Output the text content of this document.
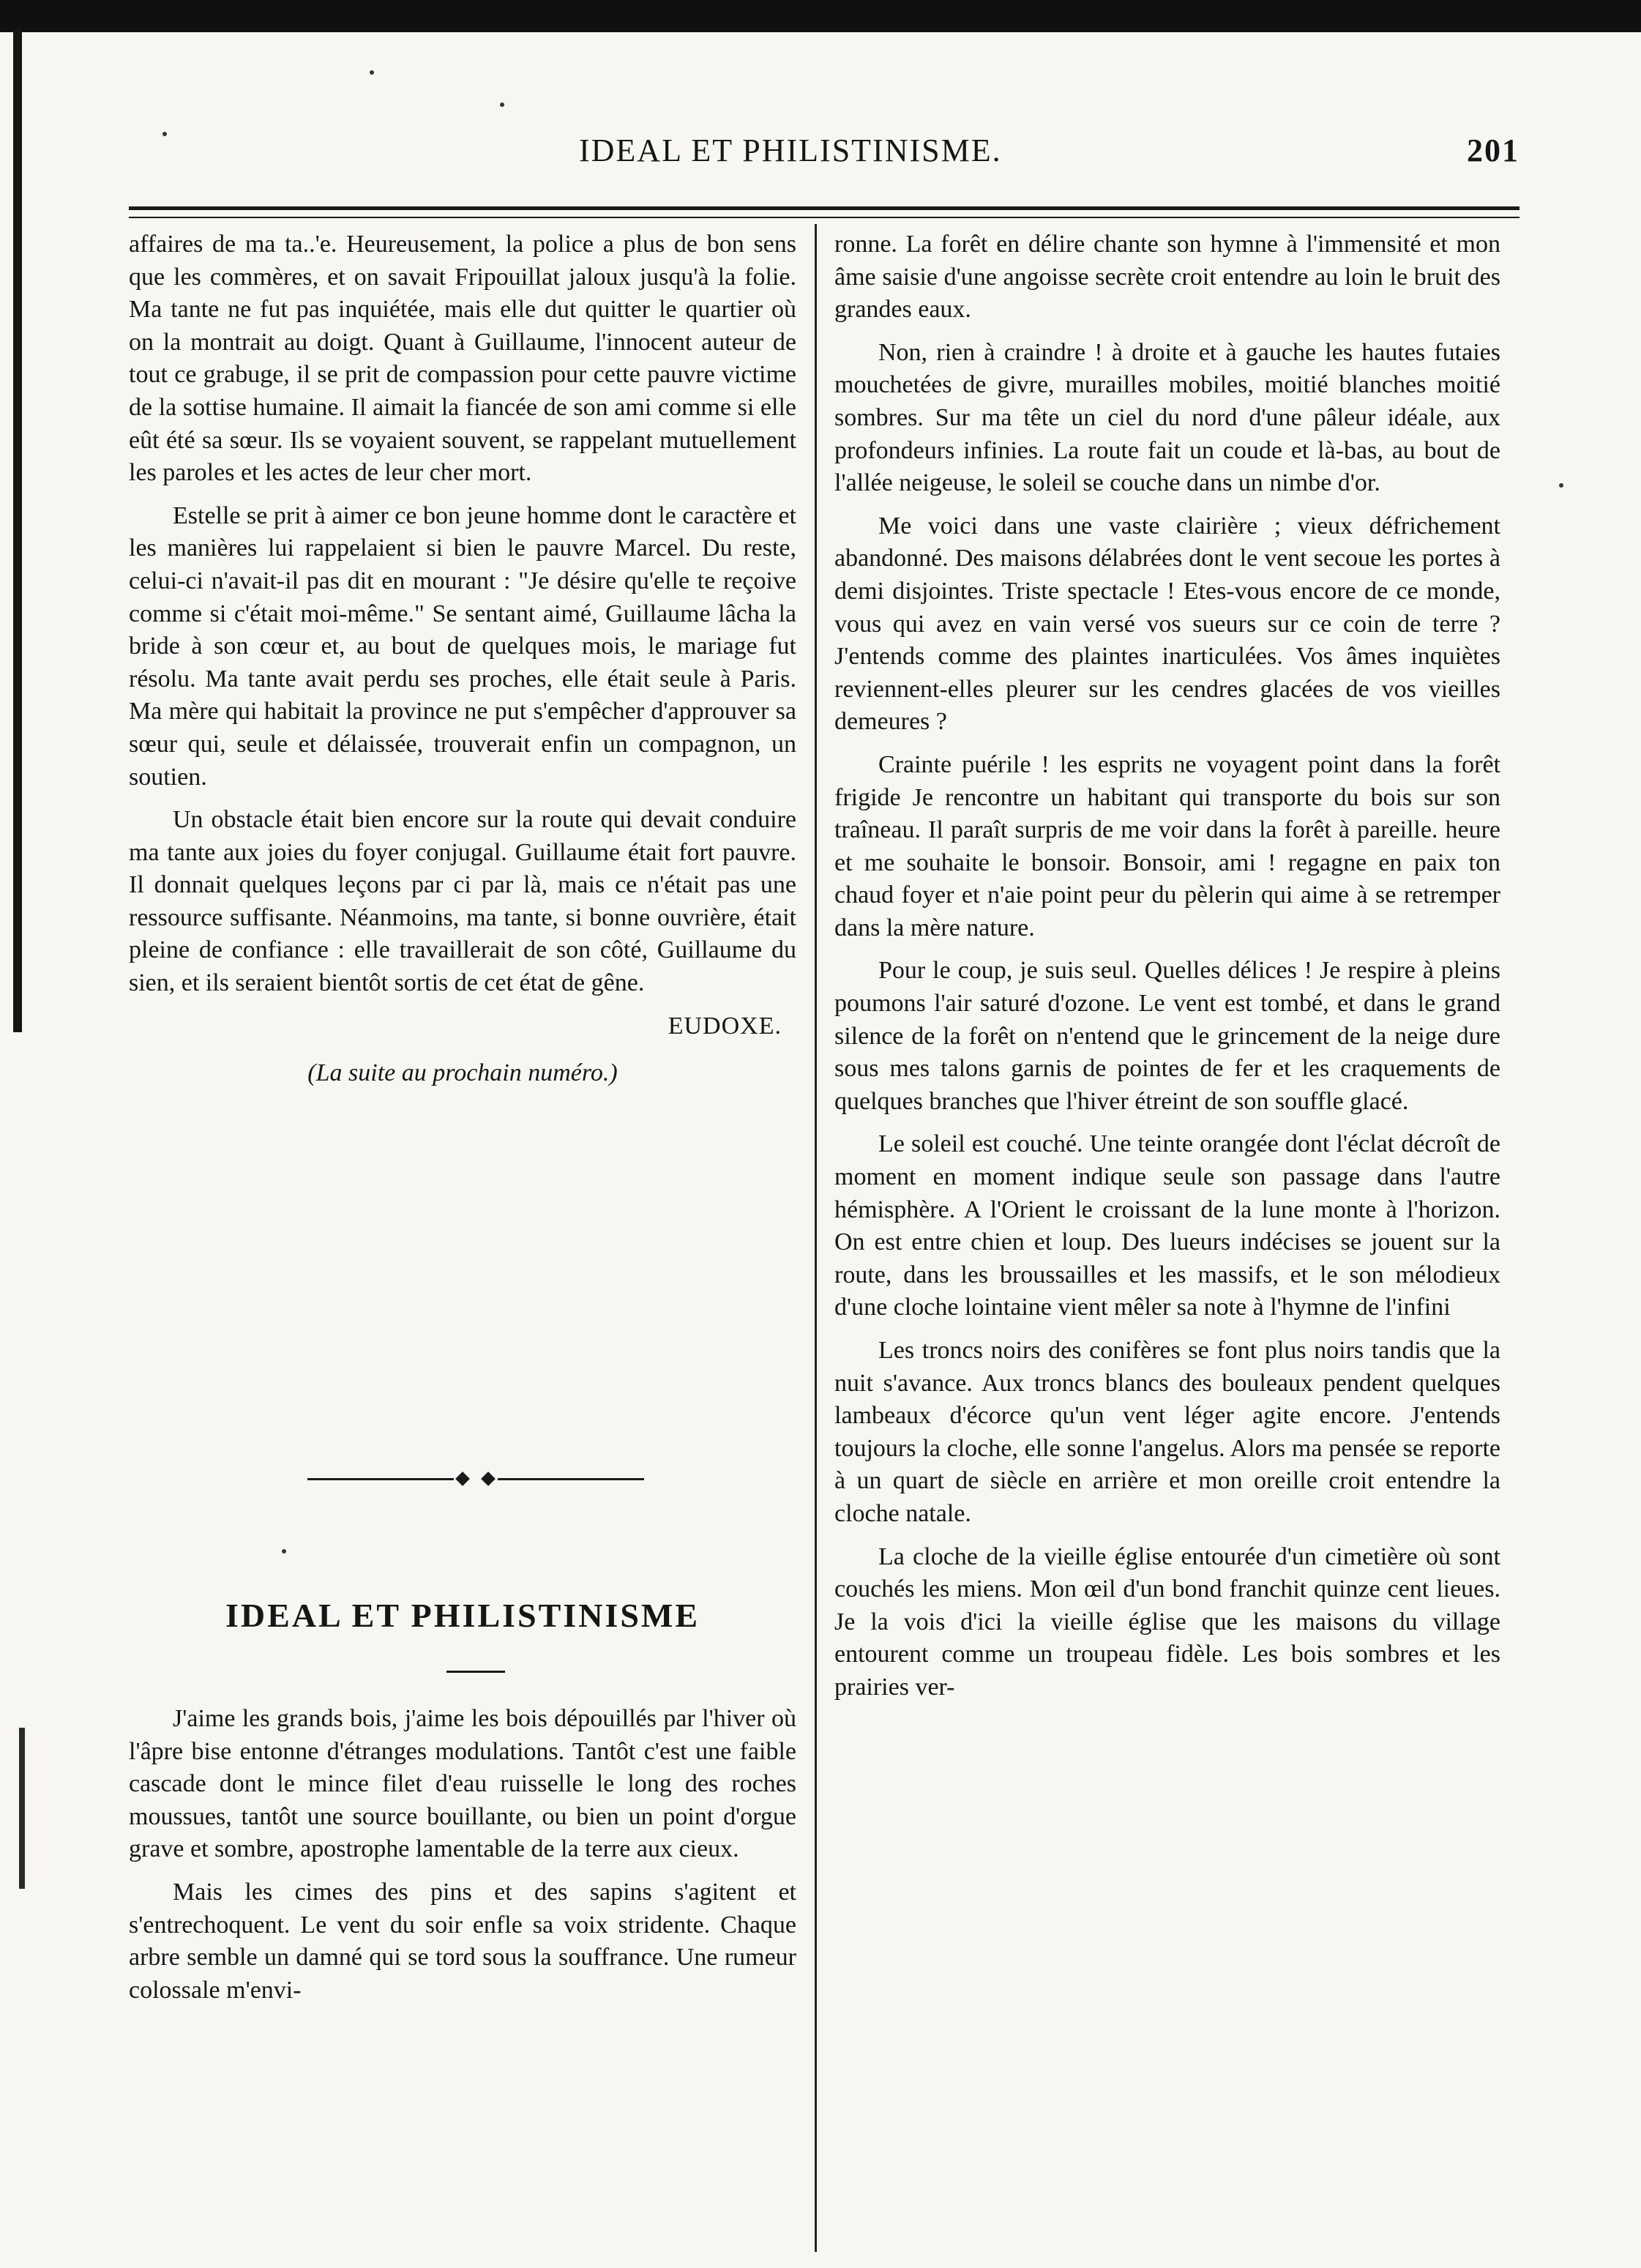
IDEAL ET PHILISTINISME.	201

affaires de ma ta..'e. Heureusement, la police a plus de bon sens que les commères, et on savait Fripouillat jaloux jusqu'à la folie. Ma tante ne fut pas inquiétée, mais elle dut quitter le quartier où on la montrait au doigt. Quant à Guillaume, l'innocent auteur de tout ce grabuge, il se prit de compassion pour cette pauvre victime de la sottise humaine. Il aimait la fiancée de son ami comme si elle eût été sa sœur. Ils se voyaient souvent, se rappelant mutuellement les paroles et les actes de leur cher mort.

Estelle se prit à aimer ce bon jeune homme dont le caractère et les manières lui rappelaient si bien le pauvre Marcel. Du reste, celui-ci n'avait-il pas dit en mourant : "Je désire qu'elle te reçoive comme si c'était moi-même." Se sentant aimé, Guillaume lâcha la bride à son cœur et, au bout de quelques mois, le mariage fut résolu. Ma tante avait perdu ses proches, elle était seule à Paris. Ma mère qui habitait la province ne put s'empêcher d'approuver sa sœur qui, seule et délaissée, trouverait enfin un compagnon, un soutien.

Un obstacle était bien encore sur la route qui devait conduire ma tante aux joies du foyer conjugal. Guillaume était fort pauvre. Il donnait quelques leçons par ci par là, mais ce n'était pas une ressource suffisante. Néanmoins, ma tante, si bonne ouvrière, était pleine de confiance : elle travaillerait de son côté, Guillaume du sien, et ils seraient bientôt sortis de cet état de gêne.

EUDOXE.
(La suite au prochain numéro.)
IDEAL ET PHILISTINISME

J'aime les grands bois, j'aime les bois dépouillés par l'hiver où l'âpre bise entonne d'étranges modulations. Tantôt c'est une faible cascade dont le mince filet d'eau ruisselle le long des roches moussues, tantôt une source bouillante, ou bien un point d'orgue grave et sombre, apostrophe lamentable de la terre aux cieux.

Mais les cimes des pins et des sapins s'agitent et s'entrechoquent. Le vent du soir enfle sa voix stridente. Chaque arbre semble un damné qui se tord sous la souffrance. Une rumeur colossale m'envi-

ronne. La forêt en délire chante son hymne à l'immensité et mon âme saisie d'une angoisse secrète croit entendre au loin le bruit des grandes eaux.

Non, rien à craindre ! à droite et à gauche les hautes futaies mouchetées de givre, murailles mobiles, moitié blanches moitié sombres. Sur ma tête un ciel du nord d'une pâleur idéale, aux profondeurs infinies. La route fait un coude et là-bas, au bout de l'allée neigeuse, le soleil se couche dans un nimbe d'or.

Me voici dans une vaste clairière ; vieux défrichement abandonné. Des maisons délabrées dont le vent secoue les portes à demi disjointes. Triste spectacle ! Etes-vous encore de ce monde, vous qui avez en vain versé vos sueurs sur ce coin de terre ? J'entends comme des plaintes inarticulées. Vos âmes inquiètes reviennent-elles pleurer sur les cendres glacées de vos vieilles demeures ?

Crainte puérile ! les esprits ne voyagent point dans la forêt frigide Je rencontre un habitant qui transporte du bois sur son traîneau. Il paraît surpris de me voir dans la forêt à pareille. heure et me souhaite le bonsoir. Bonsoir, ami ! regagne en paix ton chaud foyer et n'aie point peur du pèlerin qui aime à se retremper dans la mère nature.

Pour le coup, je suis seul. Quelles délices ! Je respire à pleins poumons l'air saturé d'ozone. Le vent est tombé, et dans le grand silence de la forêt on n'entend que le grincement de la neige dure sous mes talons garnis de pointes de fer et les craquements de quelques branches que l'hiver étreint de son souffle glacé.

Le soleil est couché. Une teinte orangée dont l'éclat décroît de moment en moment indique seule son passage dans l'autre hémisphère. A l'Orient le croissant de la lune monte à l'horizon. On est entre chien et loup. Des lueurs indécises se jouent sur la route, dans les broussailles et les massifs, et le son mélodieux d'une cloche lointaine vient mêler sa note à l'hymne de l'infini

Les troncs noirs des conifères se font plus noirs tandis que la nuit s'avance. Aux troncs blancs des bouleaux pendent quelques lambeaux d'écorce qu'un vent léger agite encore. J'entends toujours la cloche, elle sonne l'angelus. Alors ma pensée se reporte à un quart de siècle en arrière et mon oreille croit entendre la cloche natale.

La cloche de la vieille église entourée d'un cimetière où sont couchés les miens. Mon œil d'un bond franchit quinze cent lieues. Je la vois d'ici la vieille église que les maisons du village entourent comme un troupeau fidèle. Les bois sombres et les prairies ver-
